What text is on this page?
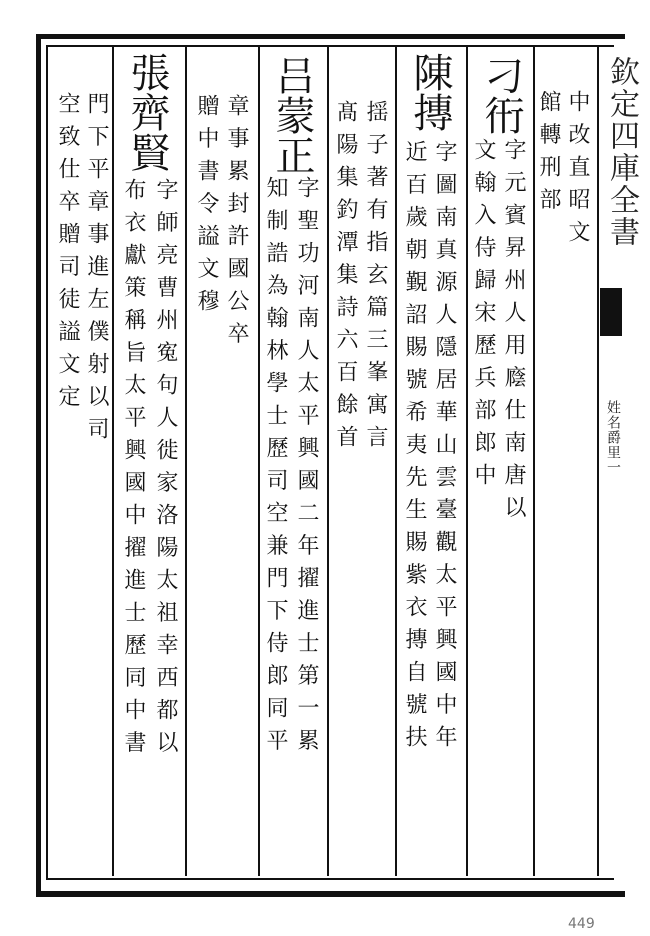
欽定四庫全書
姓名爵里一
449
中改直昭文
館轉刑部
刁衎
字元賓昇州人用廕仕南唐以
文翰入侍歸宋歷兵部郎中
陳摶
字圖南真源人隱居華山雲臺觀太平興國中年
近百歲朝覲詔賜號希夷先生賜紫衣摶自號扶
揺子著有指玄篇三峯寓言
髙陽集釣潭集詩六百餘首
吕蒙正
字聖功河南人太平興國二年擢進士第一累
知制誥為翰林學士歷司空兼門下侍郎同平
章事累封許國公卒
贈中書令謚文穆
張齊賢
字師亮曹州寃句人徙家洛陽太祖幸西都以
布衣獻策稱旨太平興國中擢進士歷同中書
門下平章事進左僕射以司
空致仕卒贈司徒謚文定
